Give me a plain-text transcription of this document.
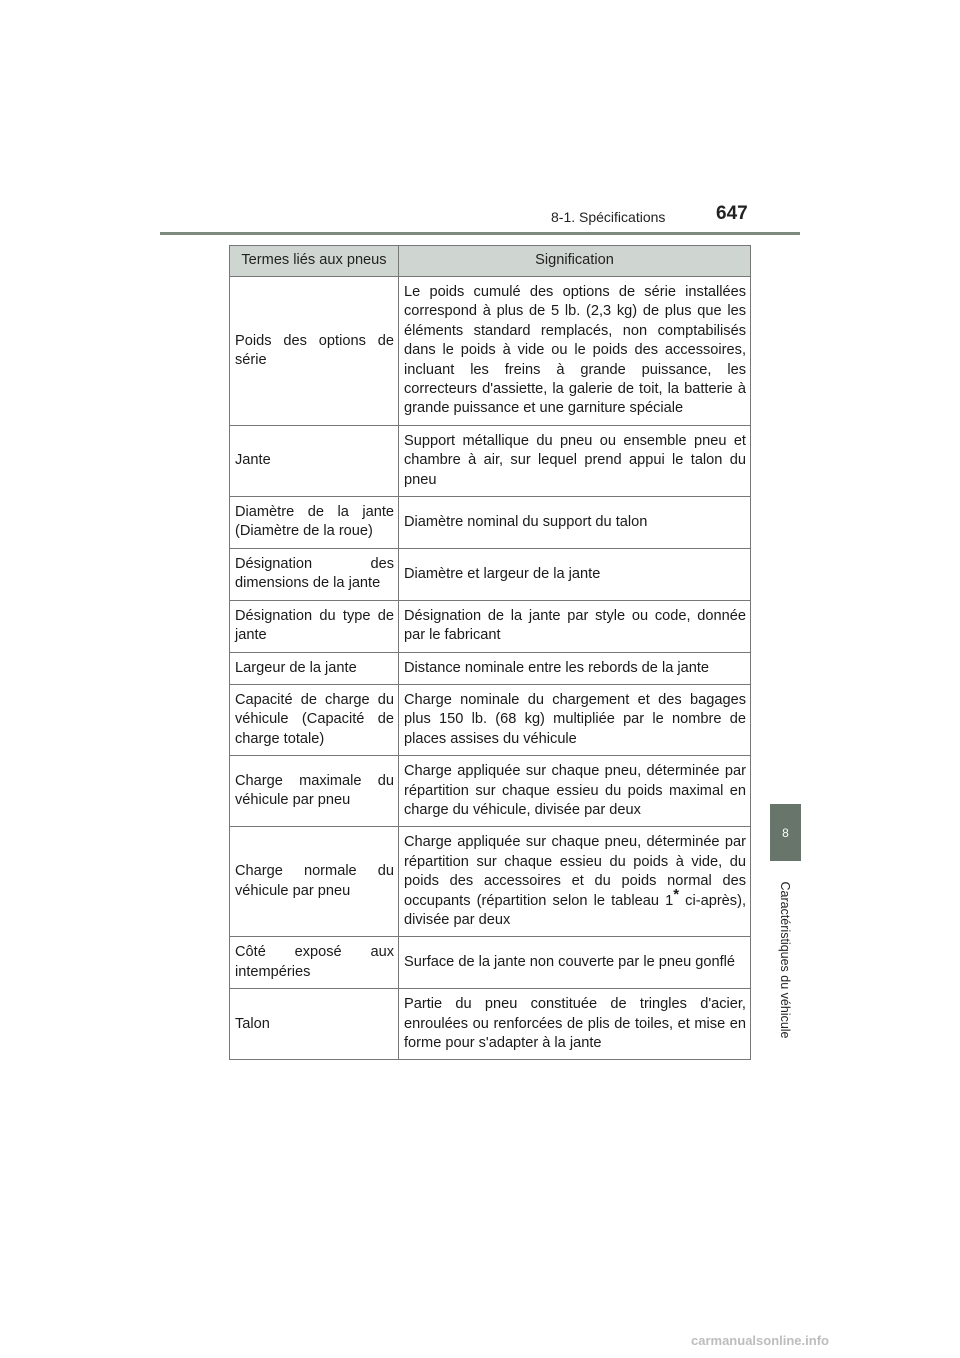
8-1. Spécifications	647
8
Caractéristiques du véhicule
Termes liés aux pneus	Signification
Poids des options de série	Le poids cumulé des options de série installées correspond à plus de 5 lb. (2,3 kg) de plus que les éléments standard remplacés, non comptabilisés dans le poids à vide ou le poids des accessoires, incluant les freins à grande puissance, les correcteurs d'assiette, la galerie de toit, la batterie à grande puissance et une garniture spéciale
Jante	Support métallique du pneu ou ensemble pneu et chambre à air, sur lequel prend appui le talon du pneu
Diamètre de la jante (Diamètre de la roue)	Diamètre nominal du support du talon
Désignation des dimensions de la jante	Diamètre et largeur de la jante
Désignation du type de jante	Désignation de la jante par style ou code, donnée par le fabricant
Largeur de la jante	Distance nominale entre les rebords de la jante
Capacité de charge du véhicule (Capacité de charge totale)	Charge nominale du chargement et des bagages plus 150 lb. (68 kg) multipliée par le nombre de places assises du véhicule
Charge maximale du véhicule par pneu	Charge appliquée sur chaque pneu, déterminée par répartition sur chaque essieu du poids maximal en charge du véhicule, divisée par deux
Charge normale du véhicule par pneu	Charge appliquée sur chaque pneu, déterminée par répartition sur chaque essieu du poids à vide, du poids des accessoires et du poids normal des occupants (répartition selon le tableau 1* ci-après), divisée par deux
Côté exposé aux intempéries	Surface de la jante non couverte par le pneu gonflé
Talon	Partie du pneu constituée de tringles d'acier, enroulées ou renforcées de plis de toiles, et mise en forme pour s'adapter à la jante
carmanualsonline.info
